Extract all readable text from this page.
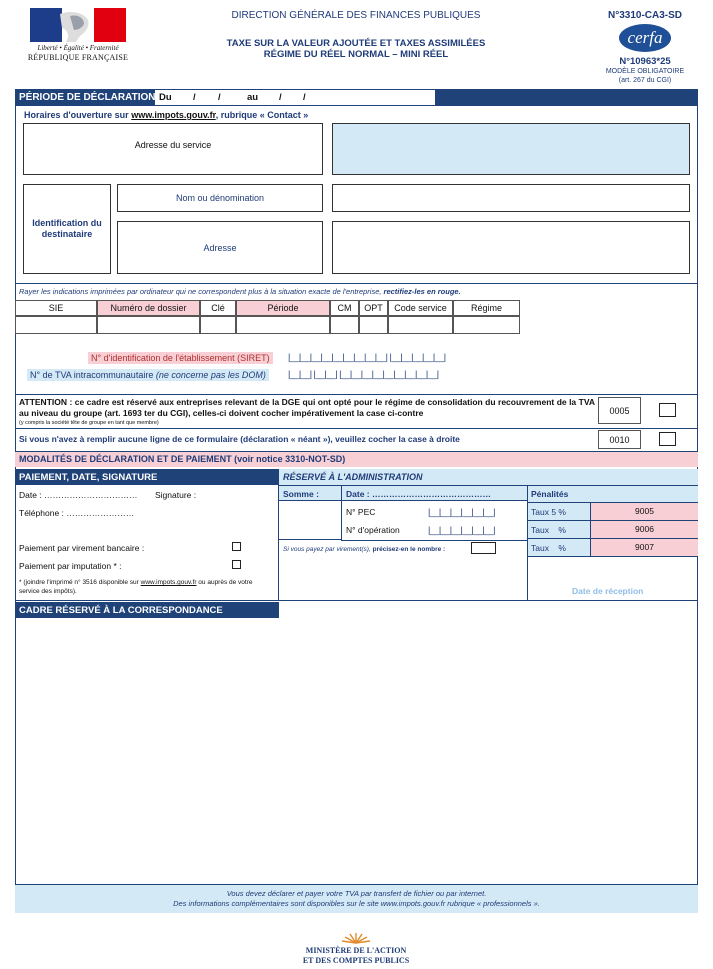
Liberté • Égalité • Fraternité
RÉPUBLIQUE FRANÇAISE
DIRECTION GÉNÉRALE DES FINANCES PUBLIQUES
TAXE SUR LA VALEUR AJOUTÉE ET TAXES ASSIMILÉES
RÉGIME DU RÉEL NORMAL – MINI RÉEL
N°3310-CA3-SD
cerfa
N°10963*25
MODÈLE OBLIGATOIRE
(art. 267 du CGI)
PÉRIODE DE DÉCLARATION Du / /	au / /
Horaires d'ouverture sur www.impots.gouv.fr, rubrique « Contact »
Adresse du service
Identification du destinataire
Nom ou dénomination
Adresse
Rayer les indications imprimées par ordinateur qui ne correspondent plus à la situation exacte de l'entreprise, rectifiez-les en rouge.
SIE	Numéro de dossier	Clé	Période	CM	OPT	Code service	Régime
N° d'identification de l'établissement (SIRET)	|__|__|__|__|__|__|__|__|__| |__|__|__|__|__|
N° de TVA intracommunautaire (ne concerne pas les DOM)	|__|__| |__|__| |__|__|__|__|__|__|__|__|__|
ATTENTION : ce cadre est réservé aux entreprises relevant de la DGE qui ont opté pour le régime de consolidation du recouvrement de la TVA au niveau du groupe (art. 1693 ter du CGI), celles-ci doivent cocher impérativement la case ci-contre
(y compris la société tête de groupe en tant que membre)
0005
Si vous n'avez à remplir aucune ligne de ce formulaire (déclaration « néant »), veuillez cocher la case à droite	0010
MODALITÉS DE DÉCLARATION ET DE PAIEMENT (voir notice 3310-NOT-SD)
PAIEMENT, DATE, SIGNATURE
Date : …………………………… Signature :
Téléphone : ……………………
Paiement par virement bancaire :
Paiement par imputation * :
* (joindre l'imprimé n° 3516 disponible sur www.impots.gouv.fr ou auprès de votre service des impôts).
CADRE RÉSERVÉ À LA CORRESPONDANCE
RÉSERVÉ À L'ADMINISTRATION
Somme :	Date : ……………………………………
N° PEC	|__|__|__|__|__|__|
N° d'opération	|__|__|__|__|__|__|
Si vous payez par virement(s), précisez-en le nombre :
Pénalités
Taux 5 %	9005
Taux    %	9006
Taux    %	9007
Date de réception
Vous devez déclarer et payer votre TVA par transfert de fichier ou par internet.
Des informations complémentaires sont disponibles sur le site www.impots.gouv.fr rubrique « professionnels ».
MINISTÈRE DE L'ACTION
ET DES COMPTES PUBLICS
